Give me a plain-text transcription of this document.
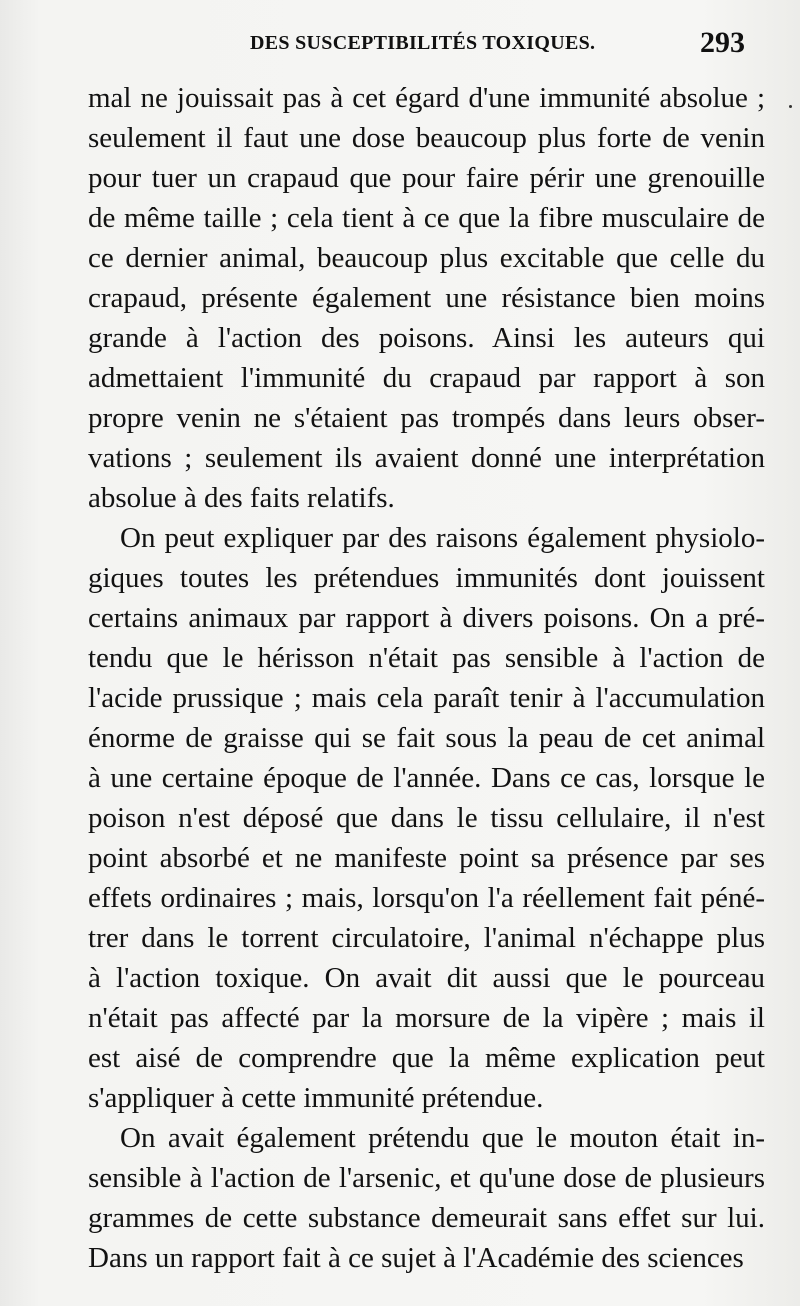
DES SUSCEPTIBILITÉS TOXIQUES.	293
mal ne jouissait pas à cet égard d'une immunité absolue ;
seulement il faut une dose beaucoup plus forte de venin
pour tuer un crapaud que pour faire périr une grenouille
de même taille ; cela tient à ce que la fibre musculaire de
ce dernier animal, beaucoup plus excitable que celle du
crapaud, présente également une résistance bien moins
grande à l'action des poisons. Ainsi les auteurs qui
admettaient l'immunité du crapaud par rapport à son
propre venin ne s'étaient pas trompés dans leurs obser-
vations ; seulement ils avaient donné une interprétation
absolue à des faits relatifs.
On peut expliquer par des raisons également physiolo-
giques toutes les prétendues immunités dont jouissent
certains animaux par rapport à divers poisons. On a pré-
tendu que le hérisson n'était pas sensible à l'action de
l'acide prussique ; mais cela paraît tenir à l'accumulation
énorme de graisse qui se fait sous la peau de cet animal
à une certaine époque de l'année. Dans ce cas, lorsque le
poison n'est déposé que dans le tissu cellulaire, il n'est
point absorbé et ne manifeste point sa présence par ses
effets ordinaires ; mais, lorsqu'on l'a réellement fait péné-
trer dans le torrent circulatoire, l'animal n'échappe plus
à l'action toxique. On avait dit aussi que le pourceau
n'était pas affecté par la morsure de la vipère ; mais il
est aisé de comprendre que la même explication peut
s'appliquer à cette immunité prétendue.
On avait également prétendu que le mouton était in-
sensible à l'action de l'arsenic, et qu'une dose de plusieurs
grammes de cette substance demeurait sans effet sur lui.
Dans un rapport fait à ce sujet à l'Académie des sciences
